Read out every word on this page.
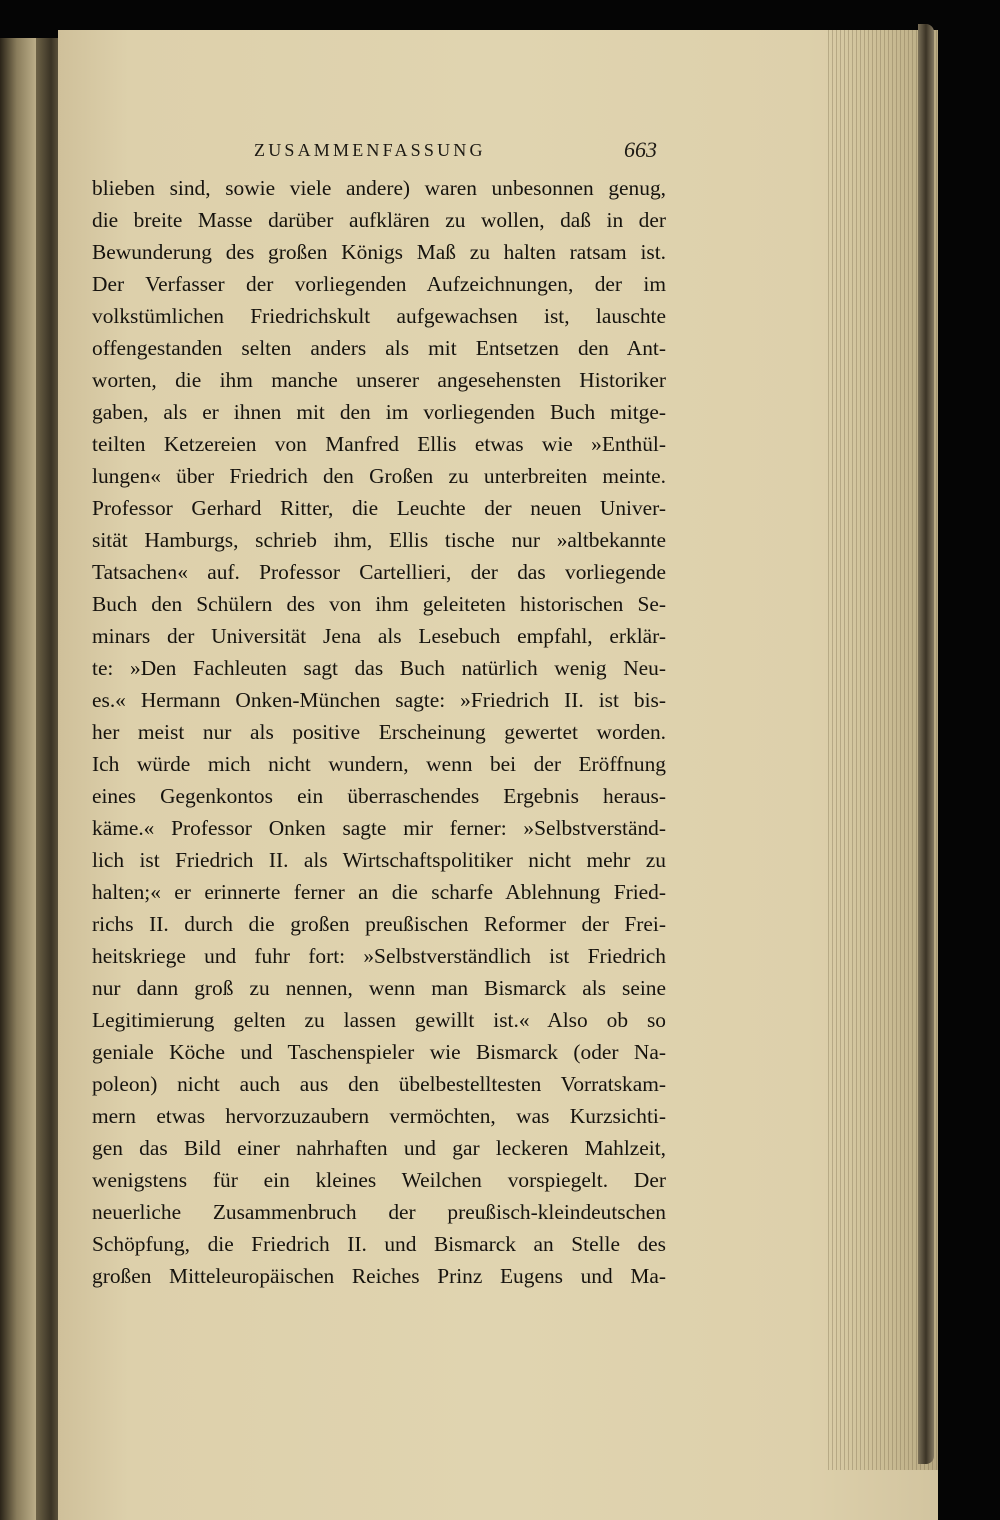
ZUSAMMENFASSUNG	663
blieben sind, sowie viele andere) waren unbesonnen genug,
die breite Masse darüber aufklären zu wollen, daß in der
Bewunderung des großen Königs Maß zu halten ratsam ist.
Der Verfasser der vorliegenden Aufzeichnungen, der im
volkstümlichen Friedrichskult aufgewachsen ist, lauschte
offengestanden selten anders als mit Entsetzen den Ant-
worten, die ihm manche unserer angesehensten Historiker
gaben, als er ihnen mit den im vorliegenden Buch mitge-
teilten Ketzereien von Manfred Ellis etwas wie »Enthül-
lungen« über Friedrich den Großen zu unterbreiten meinte.
Professor Gerhard Ritter, die Leuchte der neuen Univer-
sität Hamburgs, schrieb ihm, Ellis tische nur »altbekannte
Tatsachen« auf. Professor Cartellieri, der das vorliegende
Buch den Schülern des von ihm geleiteten historischen Se-
minars der Universität Jena als Lesebuch empfahl, erklär-
te: »Den Fachleuten sagt das Buch natürlich wenig Neu-
es.« Hermann Onken-München sagte: »Friedrich II. ist bis-
her meist nur als positive Erscheinung gewertet worden.
Ich würde mich nicht wundern, wenn bei der Eröffnung
eines Gegenkontos ein überraschendes Ergebnis heraus-
käme.« Professor Onken sagte mir ferner: »Selbstverständ-
lich ist Friedrich II. als Wirtschaftspolitiker nicht mehr zu
halten;« er erinnerte ferner an die scharfe Ablehnung Fried-
richs II. durch die großen preußischen Reformer der Frei-
heitskriege und fuhr fort: »Selbstverständlich ist Friedrich
nur dann groß zu nennen, wenn man Bismarck als seine
Legitimierung gelten zu lassen gewillt ist.« Also ob so
geniale Köche und Taschenspieler wie Bismarck (oder Na-
poleon) nicht auch aus den übelbestelltesten Vorratskam-
mern etwas hervorzuzaubern vermöchten, was Kurzsichti-
gen das Bild einer nahrhaften und gar leckeren Mahlzeit,
wenigstens für ein kleines Weilchen vorspiegelt. Der
neuerliche Zusammenbruch der preußisch-kleindeutschen
Schöpfung, die Friedrich II. und Bismarck an Stelle des
großen Mitteleuropäischen Reiches Prinz Eugens und Ma-
